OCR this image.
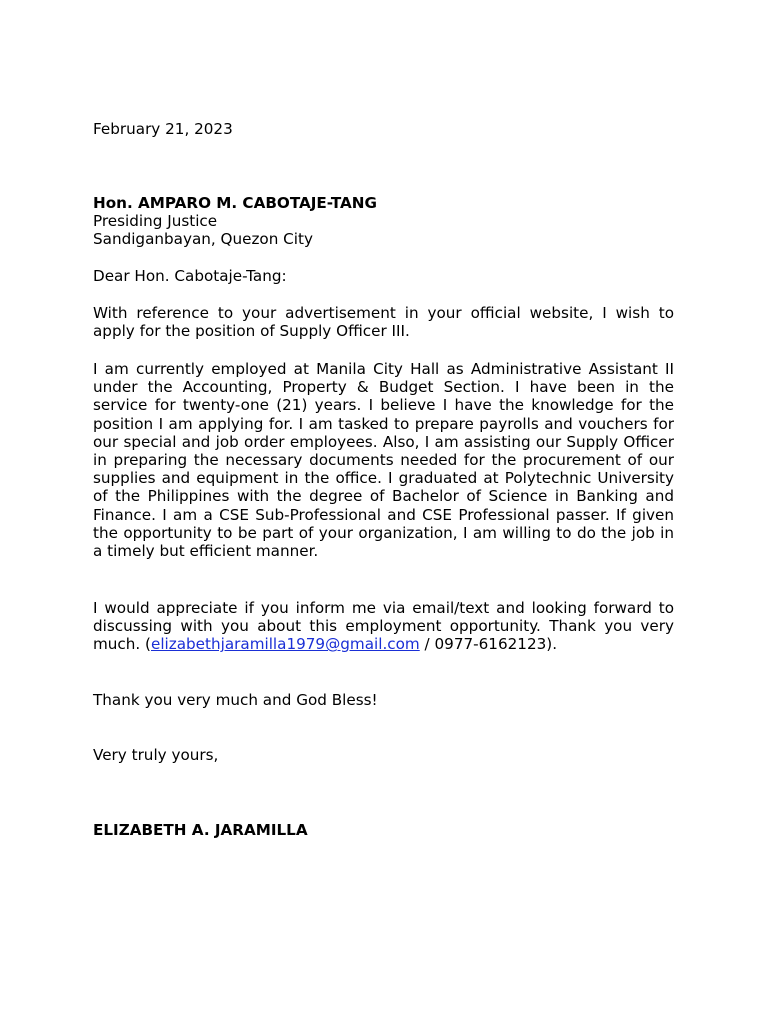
February 21, 2023

Hon. AMPARO M. CABOTAJE-TANG
Presiding Justice
Sandiganbayan, Quezon City

Dear Hon. Cabotaje-Tang:

With reference to your advertisement in your official website, I wish to apply for the position of Supply Officer III.

I am currently employed at Manila City Hall as Administrative Assistant II under the Accounting, Property & Budget Section. I have been in the service for twenty-one (21) years. I believe I have the knowledge for the position I am applying for. I am tasked to prepare payrolls and vouchers for our special and job order employees. Also, I am assisting our Supply Officer in preparing the necessary documents needed for the procurement of our supplies and equipment in the office. I graduated at Polytechnic University of the Philippines with the degree of Bachelor of Science in Banking and Finance. I am a CSE Sub-Professional and CSE Professional passer. If given the opportunity to be part of your organization, I am willing to do the job in a timely but efficient manner.

I would appreciate if you inform me via email/text and looking forward to discussing with you about this employment opportunity. Thank you very much. (elizabethjaramilla1979@gmail.com / 0977-6162123).

Thank you very much and God Bless!

Very truly yours,

ELIZABETH A. JARAMILLA
